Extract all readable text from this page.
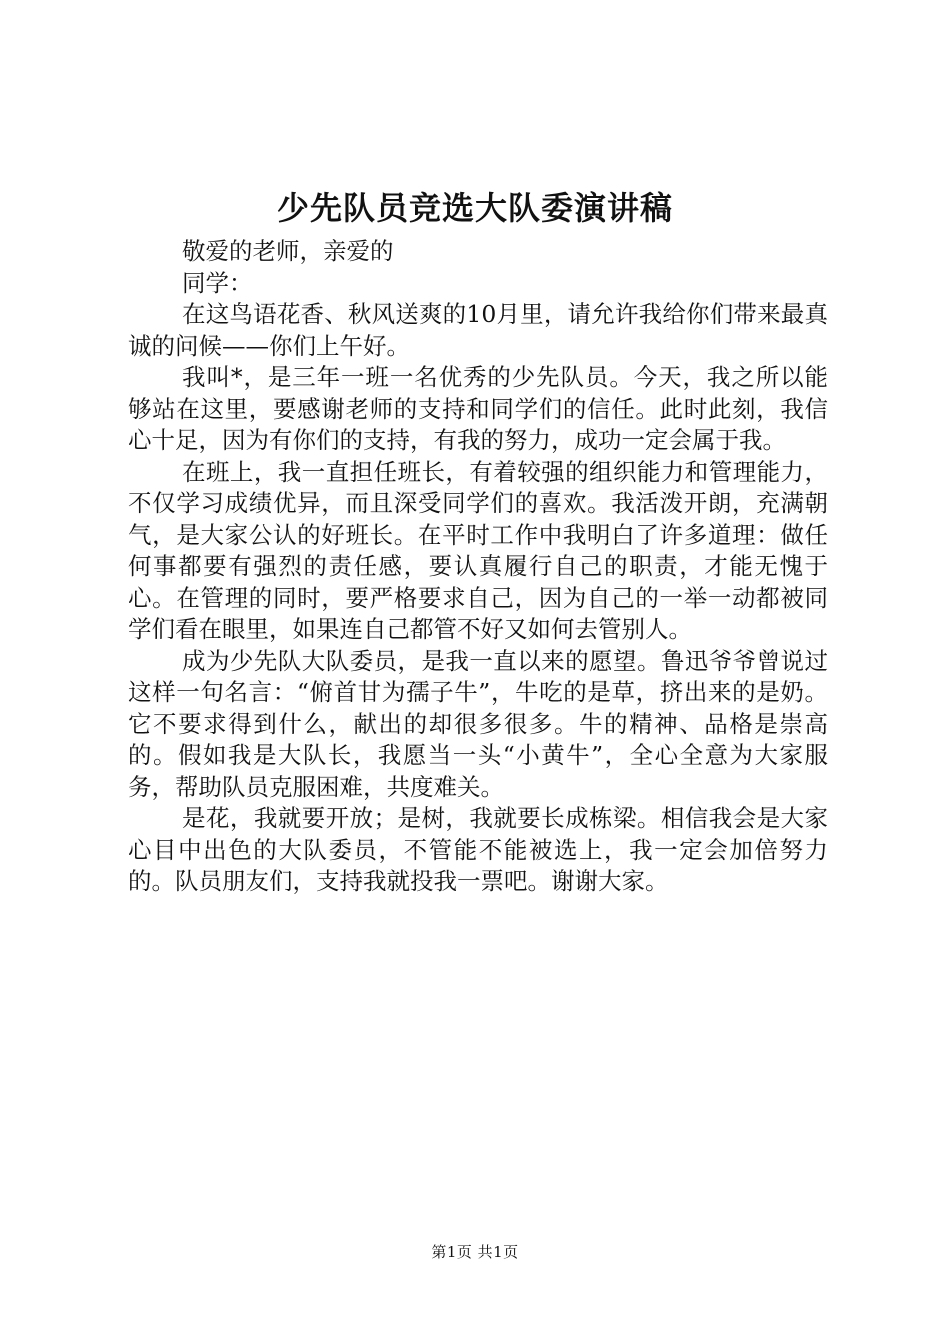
少先队员竞选大队委演讲稿

敬爱的老师，亲爱的

同学：

在这鸟语花香、秋风送爽的10月里，请允许我给你们带来最真诚的问候——你们上午好。

我叫*，是三年一班一名优秀的少先队员。今天，我之所以能够站在这里，要感谢老师的支持和同学们的信任。此时此刻，我信心十足，因为有你们的支持，有我的努力，成功一定会属于我。

在班上，我一直担任班长，有着较强的组织能力和管理能力，不仅学习成绩优异，而且深受同学们的喜欢。我活泼开朗，充满朝气，是大家公认的好班长。在平时工作中我明白了许多道理：做任何事都要有强烈的责任感，要认真履行自己的职责，才能无愧于心。在管理的同时，要严格要求自己，因为自己的一举一动都被同学们看在眼里，如果连自己都管不好又如何去管别人。

成为少先队大队委员，是我一直以来的愿望。鲁迅爷爷曾说过这样一句名言：“俯首甘为孺子牛”，牛吃的是草，挤出来的是奶。它不要求得到什么，献出的却很多很多。牛的精神、品格是崇高的。假如我是大队长，我愿当一头“小黄牛”，全心全意为大家服务，帮助队员克服困难，共度难关。

是花，我就要开放；是树，我就要长成栋梁。相信我会是大家心目中出色的大队委员，不管能不能被选上，我一定会加倍努力的。队员朋友们，支持我就投我一票吧。谢谢大家。

第1页 共1页
